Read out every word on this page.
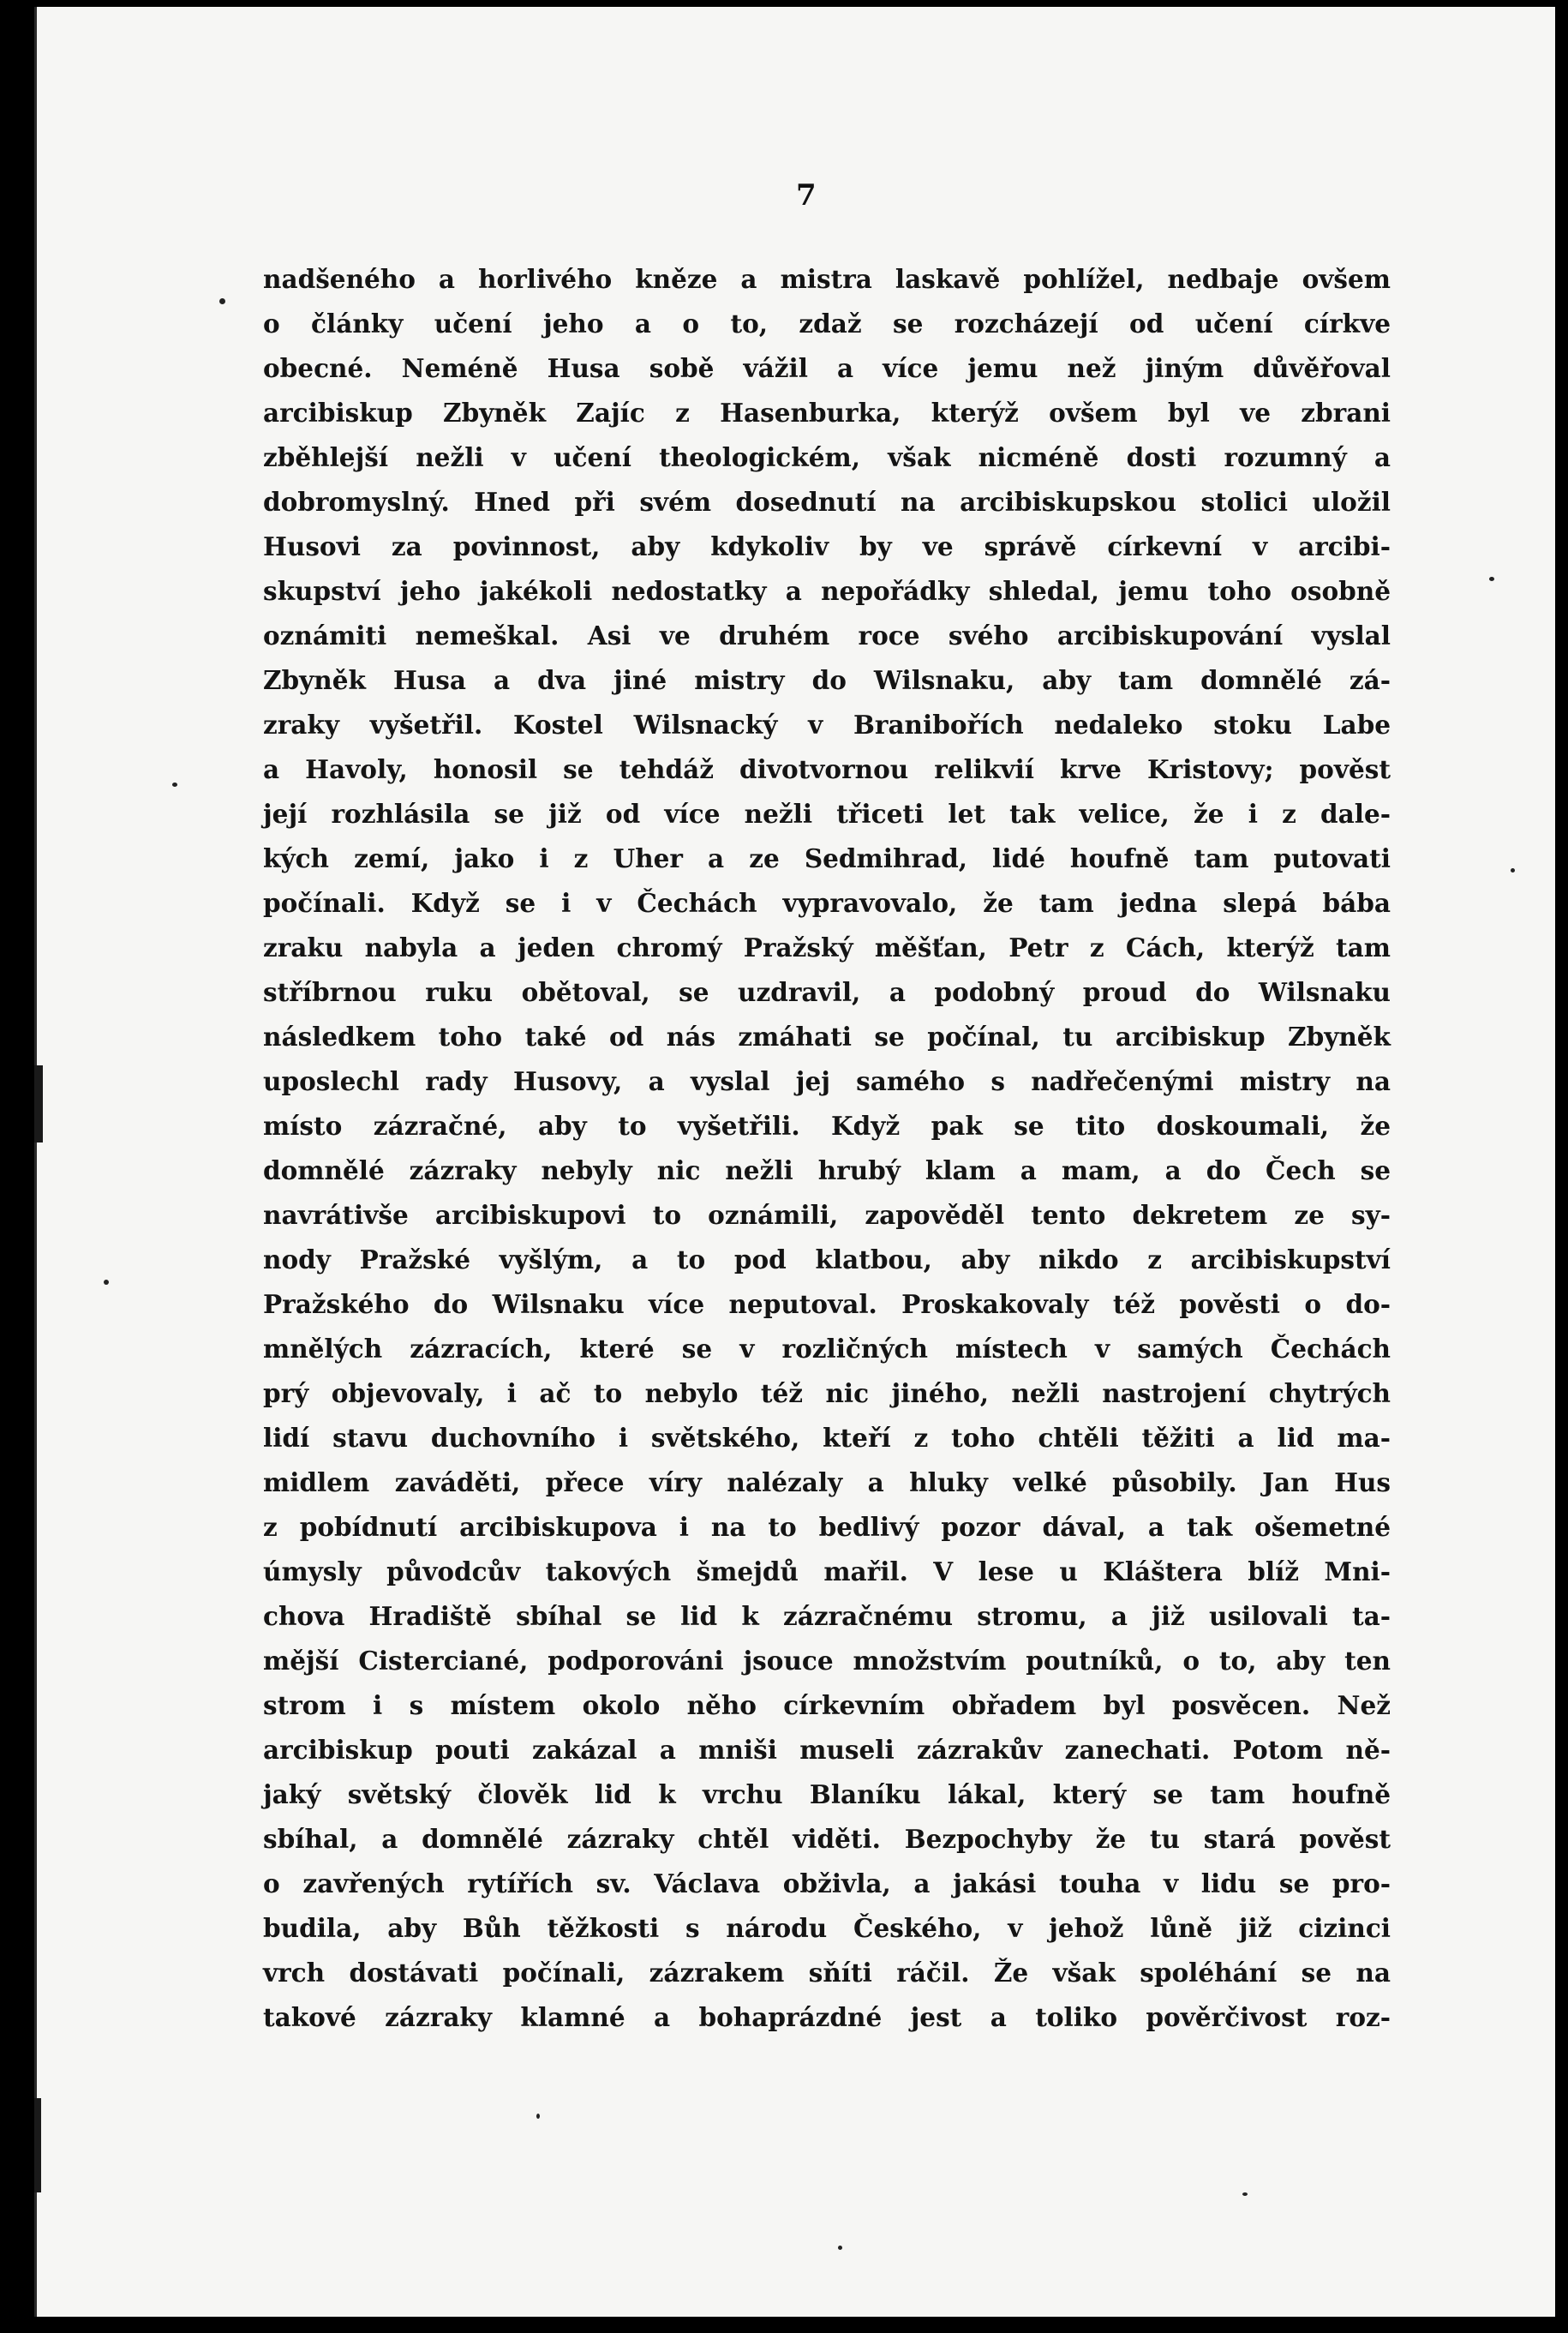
7
nadšeného a horlivého kněze a mistra laskavě pohlížel, nedbaje ovšem
o články učení jeho a o to, zdaž se rozcházejí od učení církve
obecné. Neméně Husa sobě vážil a více jemu než jiným důvěřoval
arcibiskup Zbyněk Zajíc z Hasenburka, kterýž ovšem byl ve zbrani
zběhlejší nežli v učení theologickém, však nicméně dosti rozumný a
dobromyslný. Hned při svém dosednutí na arcibiskupskou stolici uložil
Husovi za povinnost, aby kdykoliv by ve správě církevní v arcibi-
skupství jeho jakékoli nedostatky a nepořádky shledal, jemu toho osobně
oznámiti nemeškal. Asi ve druhém roce svého arcibiskupování vyslal
Zbyněk Husa a dva jiné mistry do Wilsnaku, aby tam domnělé zá-
zraky vyšetřil. Kostel Wilsnacký v Branibořích nedaleko stoku Labe
a Havoly, honosil se tehdáž divotvornou relikvií krve Kristovy; pověst
její rozhlásila se již od více nežli třiceti let tak velice, že i z dale-
kých zemí, jako i z Uher a ze Sedmihrad, lidé houfně tam putovati
počínali. Když se i v Čechách vypravovalo, že tam jedna slepá bába
zraku nabyla a jeden chromý Pražský měšťan, Petr z Cách, kterýž tam
stříbrnou ruku obětoval, se uzdravil, a podobný proud do Wilsnaku
následkem toho také od nás zmáhati se počínal, tu arcibiskup Zbyněk
uposlechl rady Husovy, a vyslal jej samého s nadřečenými mistry na
místo zázračné, aby to vyšetřili. Když pak se tito doskoumali, že
domnělé zázraky nebyly nic nežli hrubý klam a mam, a do Čech se
navrátivše arcibiskupovi to oznámili, zapověděl tento dekretem ze sy-
nody Pražské vyšlým, a to pod klatbou, aby nikdo z arcibiskupství
Pražského do Wilsnaku více neputoval. Proskakovaly též pověsti o do-
mnělých zázracích, které se v rozličných místech v samých Čechách
prý objevovaly, i ač to nebylo též nic jiného, nežli nastrojení chytrých
lidí stavu duchovního i světského, kteří z toho chtěli těžiti a lid ma-
midlem zaváděti, přece víry nalézaly a hluky velké působily. Jan Hus
z pobídnutí arcibiskupova i na to bedlivý pozor dával, a tak ošemetné
úmysly původcův takových šmejdů mařil. V lese u Kláštera blíž Mni-
chova Hradiště sbíhal se lid k zázračnému stromu, a již usilovali ta-
mější Cisterciané, podporováni jsouce množstvím poutníků, o to, aby ten
strom i s místem okolo něho církevním obřadem byl posvěcen. Než
arcibiskup pouti zakázal a mniši museli zázrakův zanechati. Potom ně-
jaký světský člověk lid k vrchu Blaníku lákal, který se tam houfně
sbíhal, a domnělé zázraky chtěl viděti. Bezpochyby že tu stará pověst
o zavřených rytířích sv. Václava obživla, a jakási touha v lidu se pro-
budila, aby Bůh těžkosti s národu Českého, v jehož lůně již cizinci
vrch dostávati počínali, zázrakem sňíti ráčil. Že však spoléhání se na
takové zázraky klamné a bohaprázdné jest a toliko pověrčivost roz-
